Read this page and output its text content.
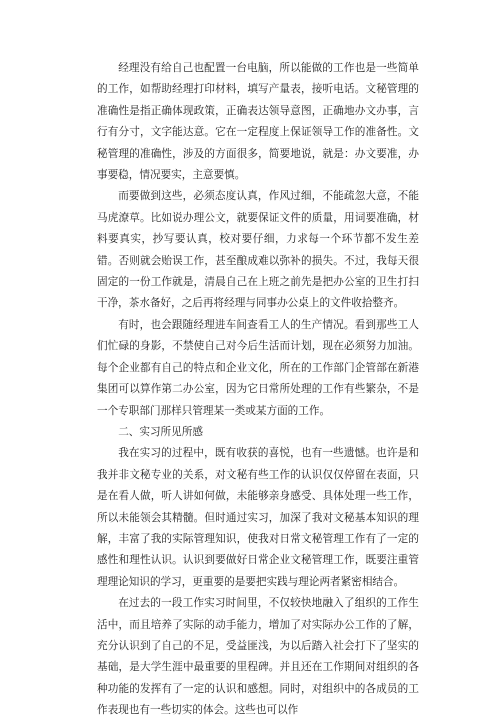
经理没有给自己也配置一台电脑，所以能做的工作也是一些简单的工作，如帮助经理打印材料，填写产量表，接听电话。文秘管理的准确性是指正确体现政策，正确表达领导意图，正确地办文办事，言行有分寸，文字能达意。它在一定程度上保证领导工作的准备性。文秘管理的准确性，涉及的方面很多，简要地说，就是：办文要准，办事要稳，情况要实，主意要慎。

而要做到这些，必须态度认真，作风过细，不能疏忽大意，不能马虎潦草。比如说办理公文，就要保证文件的质量，用词要准确，材料要真实，抄写要认真，校对要仔细，力求每一个环节都不发生差错。否则就会贻误工作，甚至酿成难以弥补的损失。不过，我每天很固定的一份工作就是，清晨自己在上班之前先是把办公室的卫生打扫干净，茶水备好，之后再将经理与同事办公桌上的文件收拾整齐。

有时，也会跟随经理进车间查看工人的生产情况。看到那些工人们忙碌的身影，不禁使自己对今后生活而计划，现在必须努力加油。每个企业都有自己的特点和企业文化，所在的工作部门企管部在新港集团可以算作第二办公室，因为它日常所处理的工作有些繁杂，不是一个专职部门那样只管理某一类或某方面的工作。

二、实习所见所感

我在实习的过程中，既有收获的喜悦，也有一些遗憾。也许是和我并非文秘专业的关系，对文秘有些工作的认识仅仅停留在表面，只是在看人做，听人讲如何做，未能够亲身感受、具体处理一些工作，所以未能领会其精髓。但时通过实习，加深了我对文秘基本知识的理解，丰富了我的实际管理知识，使我对日常文秘管理工作有了一定的感性和理性认识。认识到要做好日常企业文秘管理工作，既要注重管理理论知识的学习，更重要的是要把实践与理论两者紧密相结合。

在过去的一段工作实习时间里，不仅较快地融入了组织的工作生活中，而且培养了实际的动手能力，增加了对实际办公工作的了解，充分认识到了自己的不足，受益匪浅，为以后踏入社会打下了坚实的基础，是大学生涯中最重要的里程碑。并且还在工作期间对组织的各种功能的发挥有了一定的认识和感想。同时，对组织中的各成员的工作表现也有一些切实的体会。这些也可以作
